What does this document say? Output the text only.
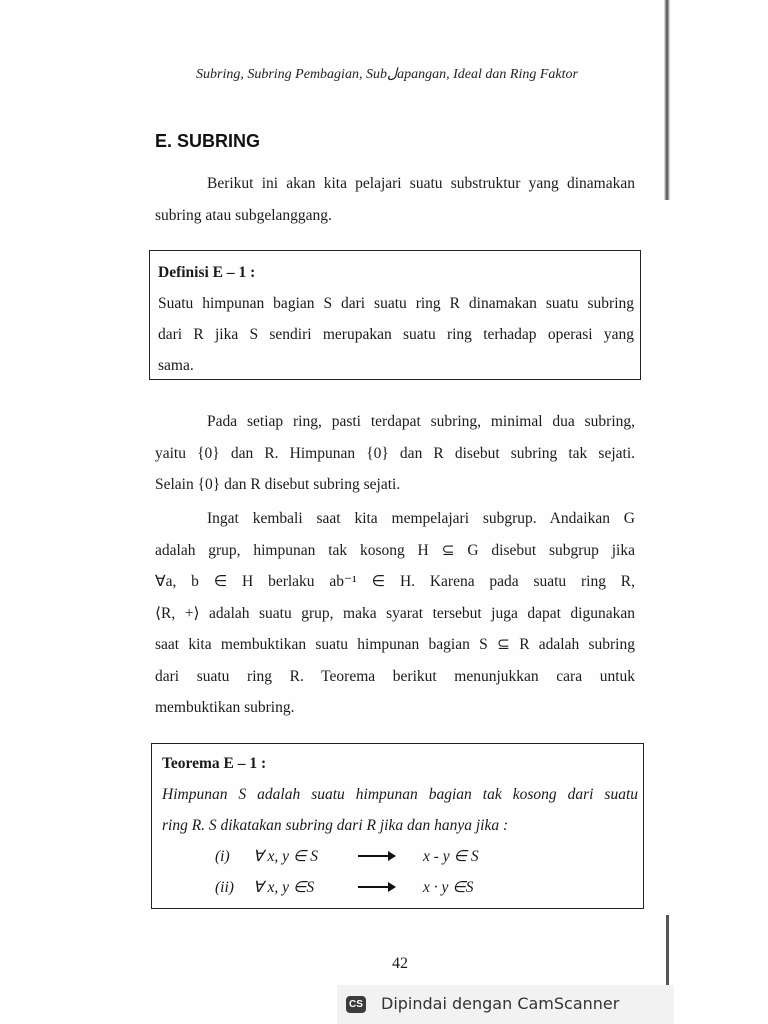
Subring, Subring Pembagian, Subلapangan, Ideal dan Ring Faktor
E. SUBRING
Berikut ini akan kita pelajari suatu substruktur yang dinamakan
subring atau subgelanggang.
Definisi E – 1 :
Suatu himpunan bagian S dari suatu ring R dinamakan suatu subring
dari R jika S sendiri merupakan suatu ring terhadap operasi yang
sama.
Pada setiap ring, pasti terdapat subring, minimal dua subring,
yaitu {0} dan R. Himpunan {0} dan R disebut subring tak sejati.
Selain {0} dan R disebut subring sejati.
Ingat kembali saat kita mempelajari subgrup. Andaikan G
adalah grup, himpunan tak kosong H ⊆ G disebut subgrup jika
∀a, b ∈ H berlaku ab⁻¹ ∈ H. Karena pada suatu ring R,
⟨R, +⟩ adalah suatu grup, maka syarat tersebut juga dapat digunakan
saat kita membuktikan suatu himpunan bagian S ⊆ R adalah subring
dari suatu ring R. Teorema berikut menunjukkan cara untuk
membuktikan subring.
Teorema E – 1 :
Himpunan S adalah suatu himpunan bagian tak kosong dari suatu
ring R. S dikatakan subring dari R jika dan hanya jika :
(i) ∀ x, y ∈ S	x - y ∈ S
(ii) ∀ x, y ∈S	x · y ∈S
42
CS Dipindai dengan CamScanner
